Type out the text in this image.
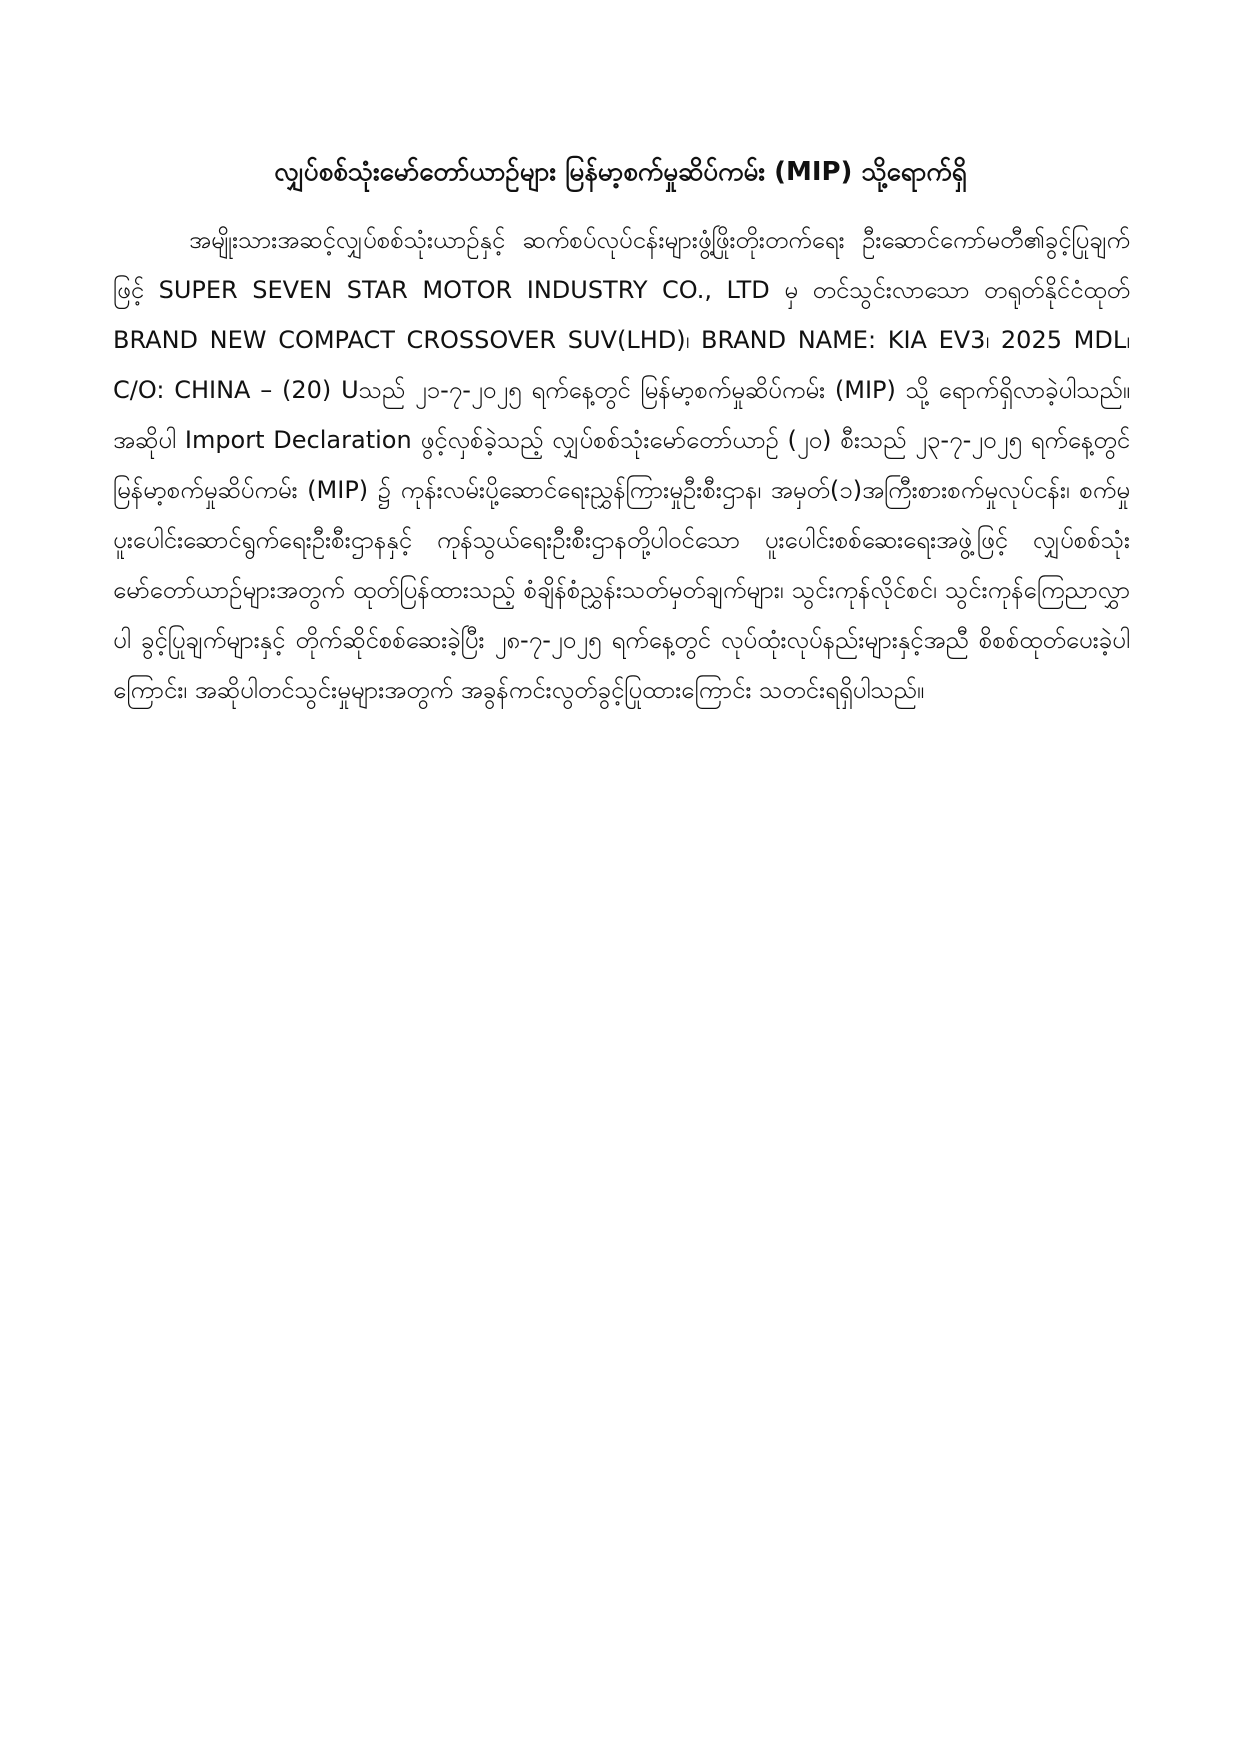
လျှပ်စစ်သုံးမော်တော်ယာဉ်များ မြန်မာ့စက်မှုဆိပ်ကမ်း (MIP) သို့ရောက်ရှိ

အမျိုးသားအဆင့်လျှပ်စစ်သုံးယာဉ်နှင့် ဆက်စပ်လုပ်ငန်းများဖွံ့ဖြိုးတိုးတက်ရေး ဦးဆောင်ကော်မတီ၏ခွင့်ပြုချက်ဖြင့် SUPER SEVEN STAR MOTOR INDUSTRY CO., LTD မှ တင်သွင်းလာသော တရုတ်နိုင်ငံထုတ် BRAND NEW COMPACT CROSSOVER SUV(LHD)၊ BRAND NAME: KIA EV3၊ 2025 MDL၊ C/O: CHINA – (20) Uသည် ၂၁-၇-၂၀၂၅ ရက်နေ့တွင် မြန်မာ့စက်မှုဆိပ်ကမ်း (MIP) သို့ ရောက်ရှိလာခဲ့ပါသည်။ အဆိုပါ Import Declaration ဖွင့်လှစ်ခဲ့သည့် လျှပ်စစ်သုံးမော်တော်ယာဉ် (၂၀) စီးသည် ၂၃-၇-၂၀၂၅ ရက်နေ့တွင် မြန်မာ့စက်မှုဆိပ်ကမ်း (MIP) ၌ ကုန်းလမ်းပို့ဆောင်ရေးညွှန်ကြားမှုဦးစီးဌာန၊ အမှတ်(၁)အကြီးစားစက်မှုလုပ်ငန်း၊ စက်မှုပူးပေါင်းဆောင်ရွက်ရေးဦးစီးဌာနနှင့် ကုန်သွယ်ရေးဦးစီးဌာနတို့ပါဝင်သော ပူးပေါင်းစစ်ဆေးရေးအဖွဲ့ဖြင့် လျှပ်စစ်သုံးမော်တော်ယာဉ်များအတွက် ထုတ်ပြန်ထားသည့် စံချိန်စံညွှန်းသတ်မှတ်ချက်များ၊ သွင်းကုန်လိုင်စင်၊ သွင်းကုန်ကြေညာလွှာပါ ခွင့်ပြုချက်များနှင့် တိုက်ဆိုင်စစ်ဆေးခဲ့ပြီး ၂၈-၇-၂၀၂၅ ရက်နေ့တွင် လုပ်ထုံးလုပ်နည်းများနှင့်အညီ စိစစ်ထုတ်ပေးခဲ့ပါကြောင်း၊ အဆိုပါတင်သွင်းမှုများအတွက် အခွန်ကင်းလွတ်ခွင့်ပြုထားကြောင်း သတင်းရရှိပါသည်။
